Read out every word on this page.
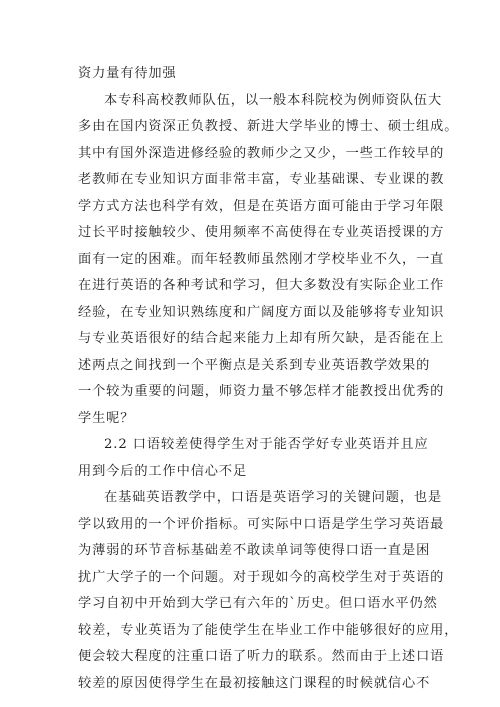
资力量有待加强
本专科高校教师队伍，以一般本科院校为例师资队伍大
多由在国内资深正负教授、新进大学毕业的博士、硕士组成。
其中有国外深造进修经验的教师少之又少，一些工作较早的
老教师在专业知识方面非常丰富，专业基础课、专业课的教
学方式方法也科学有效，但是在英语方面可能由于学习年限
过长平时接触较少、使用频率不高使得在专业英语授课的方
面有一定的困难。而年轻教师虽然刚才学校毕业不久，一直
在进行英语的各种考试和学习，但大多数没有实际企业工作
经验，在专业知识熟练度和广阔度方面以及能够将专业知识
与专业英语很好的结合起来能力上却有所欠缺，是否能在上
述两点之间找到一个平衡点是关系到专业英语教学效果的
一个较为重要的问题，师资力量不够怎样才能教授出优秀的
学生呢？
2.2 口语较差使得学生对于能否学好专业英语并且应
用到今后的工作中信心不足
在基础英语教学中，口语是英语学习的关键问题，也是
学以致用的一个评价指标。可实际中口语是学生学习英语最
为薄弱的环节音标基础差不敢读单词等使得口语一直是困
扰广大学子的一个问题。对于现如今的高校学生对于英语的
学习自初中开始到大学已有六年的`历史。但口语水平仍然
较差，专业英语为了能使学生在毕业工作中能够很好的应用，
便会较大程度的注重口语了听力的联系。然而由于上述口语
较差的原因使得学生在最初接触这门课程的时候就信心不
